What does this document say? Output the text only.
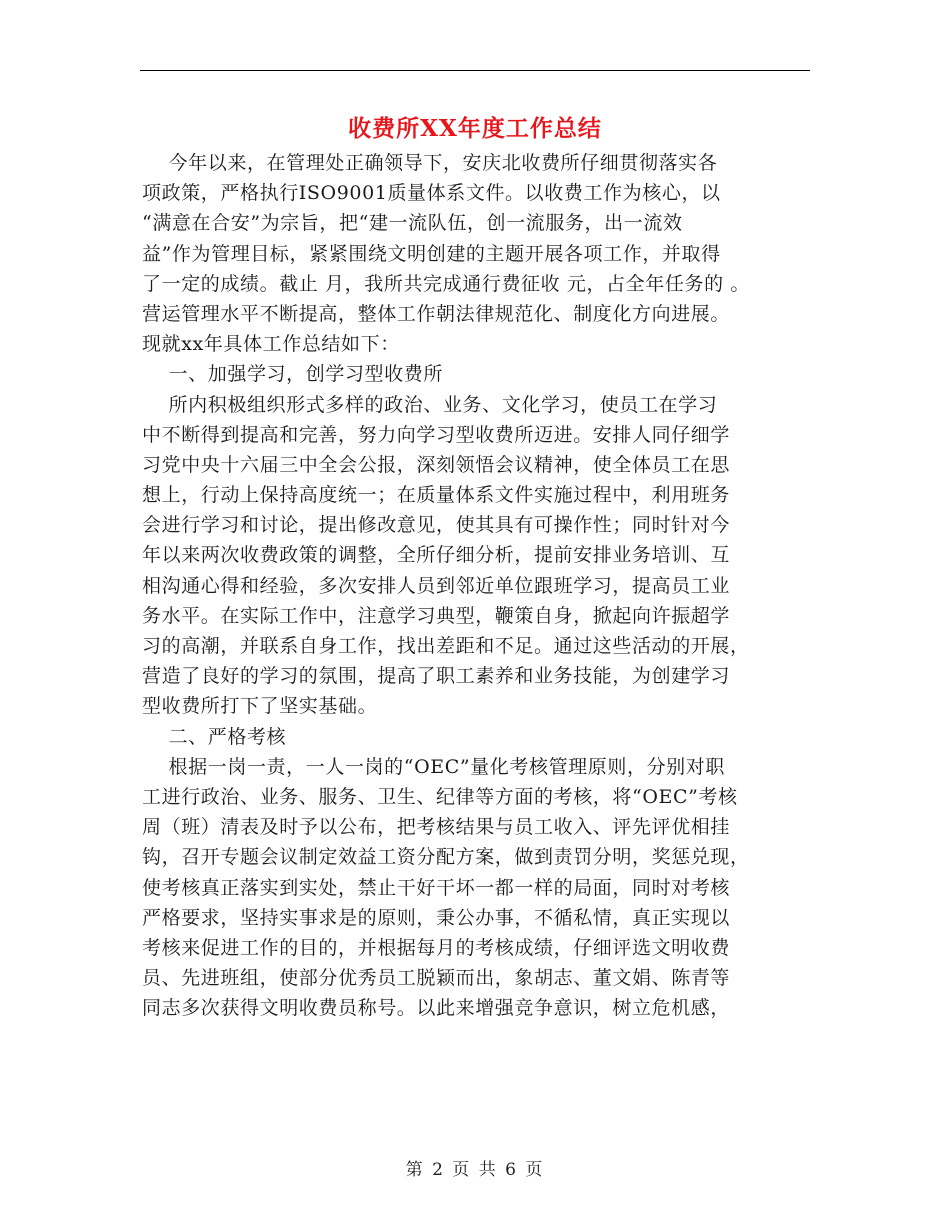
收费所XX年度工作总结
今年以来，在管理处正确领导下，安庆北收费所仔细贯彻落实各
项政策，严格执行ISO9001质量体系文件。以收费工作为核心，以
“满意在合安”为宗旨，把“建一流队伍，创一流服务，出一流效
益”作为管理目标，紧紧围绕文明创建的主题开展各项工作，并取得
了一定的成绩。截止 月，我所共完成通行费征收 元，占全年任务的 。
营运管理水平不断提高，整体工作朝法律规范化、制度化方向进展。
现就xx年具体工作总结如下：
一、加强学习，创学习型收费所
所内积极组织形式多样的政治、业务、文化学习，使员工在学习
中不断得到提高和完善，努力向学习型收费所迈进。安排人同仔细学
习党中央十六届三中全会公报，深刻领悟会议精神，使全体员工在思
想上，行动上保持高度统一；在质量体系文件实施过程中，利用班务
会进行学习和讨论，提出修改意见，使其具有可操作性；同时针对今
年以来两次收费政策的调整，全所仔细分析，提前安排业务培训、互
相沟通心得和经验，多次安排人员到邻近单位跟班学习，提高员工业
务水平。在实际工作中，注意学习典型，鞭策自身，掀起向许振超学
习的高潮，并联系自身工作，找出差距和不足。通过这些活动的开展，
营造了良好的学习的氛围，提高了职工素养和业务技能，为创建学习
型收费所打下了坚实基础。
二、严格考核
根据一岗一责，一人一岗的“OEC”量化考核管理原则，分别对职
工进行政治、业务、服务、卫生、纪律等方面的考核，将“OEC”考核
周（班）清表及时予以公布，把考核结果与员工收入、评先评优相挂
钩，召开专题会议制定效益工资分配方案，做到责罚分明，奖惩兑现，
使考核真正落实到实处，禁止干好干坏一都一样的局面，同时对考核
严格要求，坚持实事求是的原则，秉公办事，不循私情，真正实现以
考核来促进工作的目的，并根据每月的考核成绩，仔细评选文明收费
员、先进班组，使部分优秀员工脱颖而出，象胡志、董文娟、陈青等
同志多次获得文明收费员称号。以此来增强竞争意识，树立危机感，
第 2 页 共 6 页
